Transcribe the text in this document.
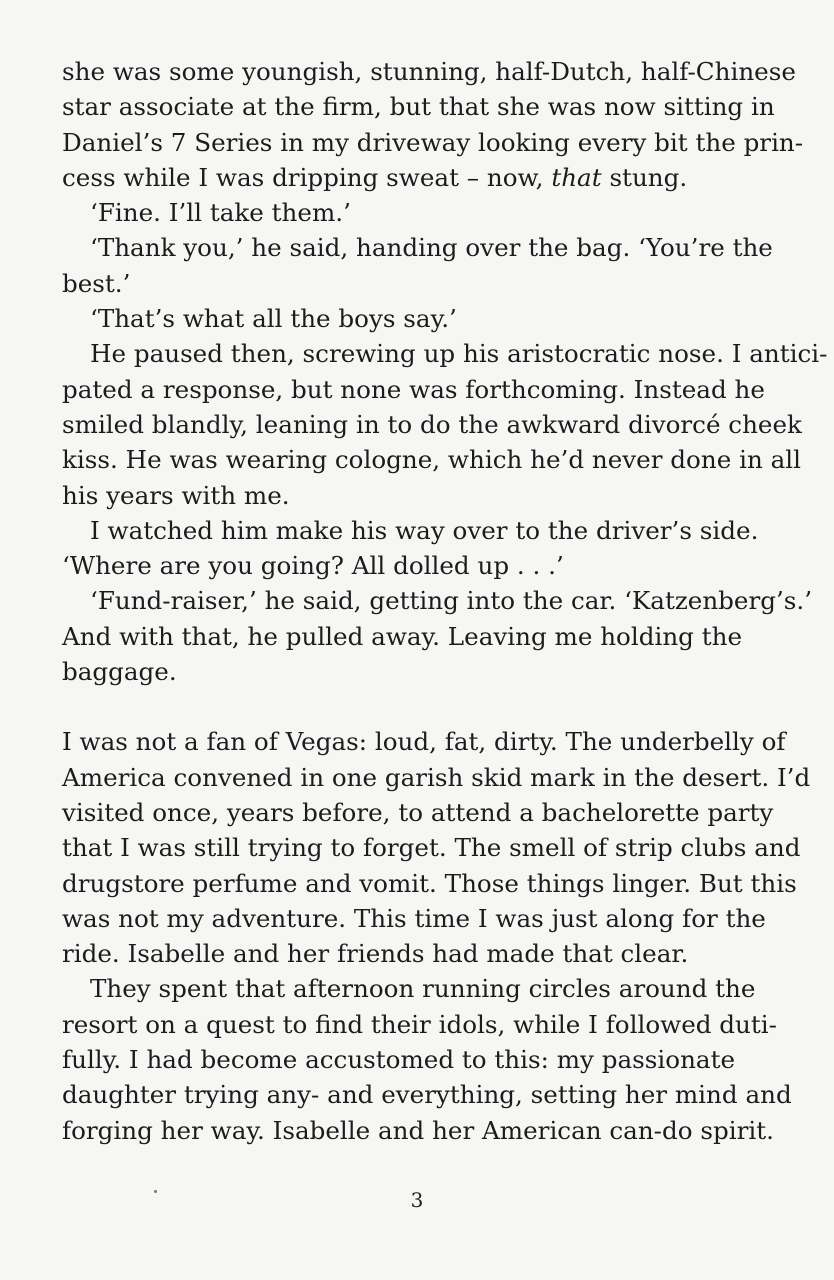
she was some youngish, stunning, half-Dutch, half-Chinese
star associate at the firm, but that she was now sitting in
Daniel’s 7 Series in my driveway looking every bit the prin-
cess while I was dripping sweat – now, that stung.
‘Fine. I’ll take them.’
‘Thank you,’ he said, handing over the bag. ‘You’re the
best.’
‘That’s what all the boys say.’
He paused then, screwing up his aristocratic nose. I antici-
pated a response, but none was forthcoming. Instead he
smiled blandly, leaning in to do the awkward divorcé cheek
kiss. He was wearing cologne, which he’d never done in all
his years with me.
I watched him make his way over to the driver’s side.
‘Where are you going? All dolled up . . .’
‘Fund-raiser,’ he said, getting into the car. ‘Katzenberg’s.’
And with that, he pulled away. Leaving me holding the
baggage.
I was not a fan of Vegas: loud, fat, dirty. The underbelly of
America convened in one garish skid mark in the desert. I’d
visited once, years before, to attend a bachelorette party
that I was still trying to forget. The smell of strip clubs and
drugstore perfume and vomit. Those things linger. But this
was not my adventure. This time I was just along for the
ride. Isabelle and her friends had made that clear.
They spent that afternoon running circles around the
resort on a quest to find their idols, while I followed duti-
fully. I had become accustomed to this: my passionate
daughter trying any- and everything, setting her mind and
forging her way. Isabelle and her American can-do spirit.
3
